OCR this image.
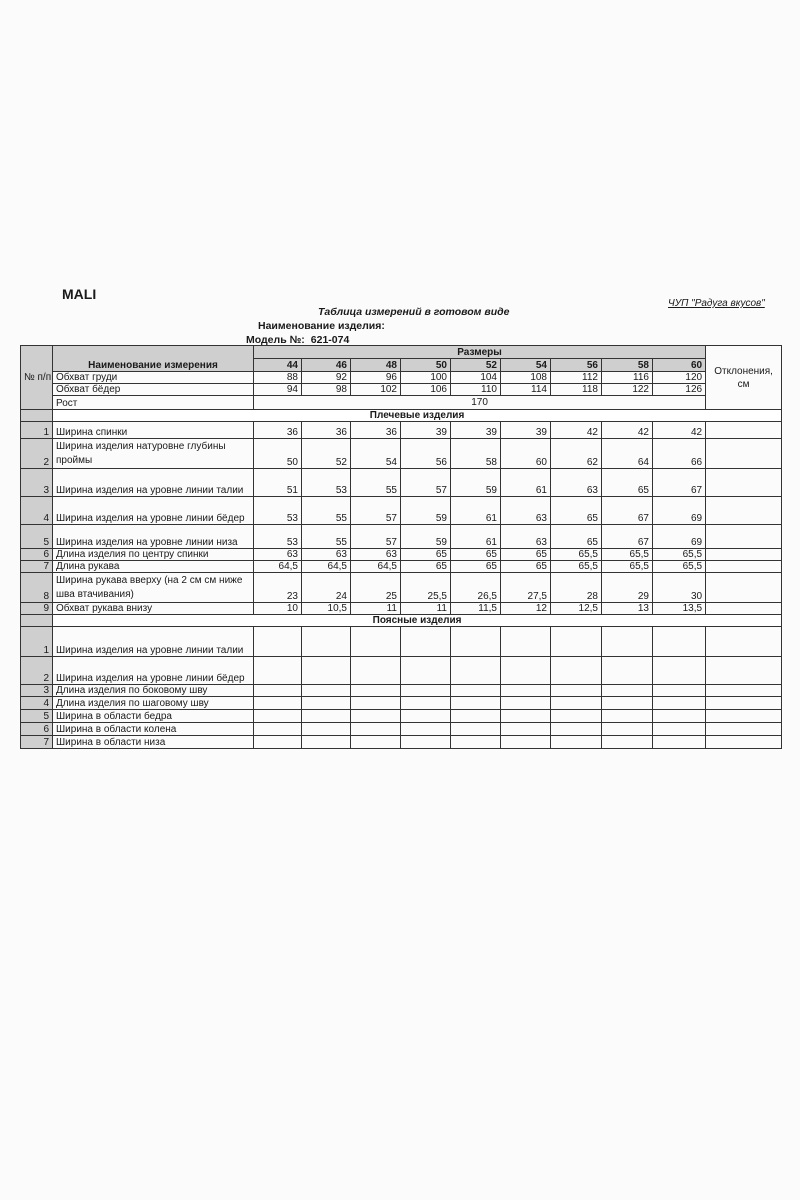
MALI
ЧУП "Радуга вкусов"
Таблица измерений в готовом виде
Наименование изделия:
Модель №: 621-074
№ п/п	Наименование измерения	Размеры									Отклонения, см
		44	46	48	50	52	54	56	58	60	
	Обхват груди	88	92	96	100	104	108	112	116	120	
	Обхват бёдер	94	98	102	106	110	114	118	122	126	
	Рост	170									
	Плечевые изделия										
1	Ширина спинки	36	36	36	39	39	39	42	42	42	
2	Ширина изделия натуровне глубины проймы	50	52	54	56	58	60	62	64	66	
3	Ширина изделия на уровне линии талии	51	53	55	57	59	61	63	65	67	
4	Ширина изделия на уровне линии бёдер	53	55	57	59	61	63	65	67	69	
5	Ширина изделия на уровне линии низа	53	55	57	59	61	63	65	67	69	
6	Длина изделия по центру спинки	63	63	63	65	65	65	65,5	65,5	65,5	
7	Длина рукава	64,5	64,5	64,5	65	65	65	65,5	65,5	65,5	
8	Ширина рукава вверху (на 2 см см ниже шва втачивания)	23	24	25	25,5	26,5	27,5	28	29	30	
9	Обхват рукава внизу	10	10,5	11	11	11,5	12	12,5	13	13,5	
	Поясные изделия										
1	Ширина изделия на уровне линии талии										
2	Ширина изделия на уровне линии бёдер										
3	Длина изделия по боковому шву										
4	Длина изделия по шаговому шву										
5	Ширина в области бедра										
6	Ширина в области колена										
7	Ширина в области низа										
